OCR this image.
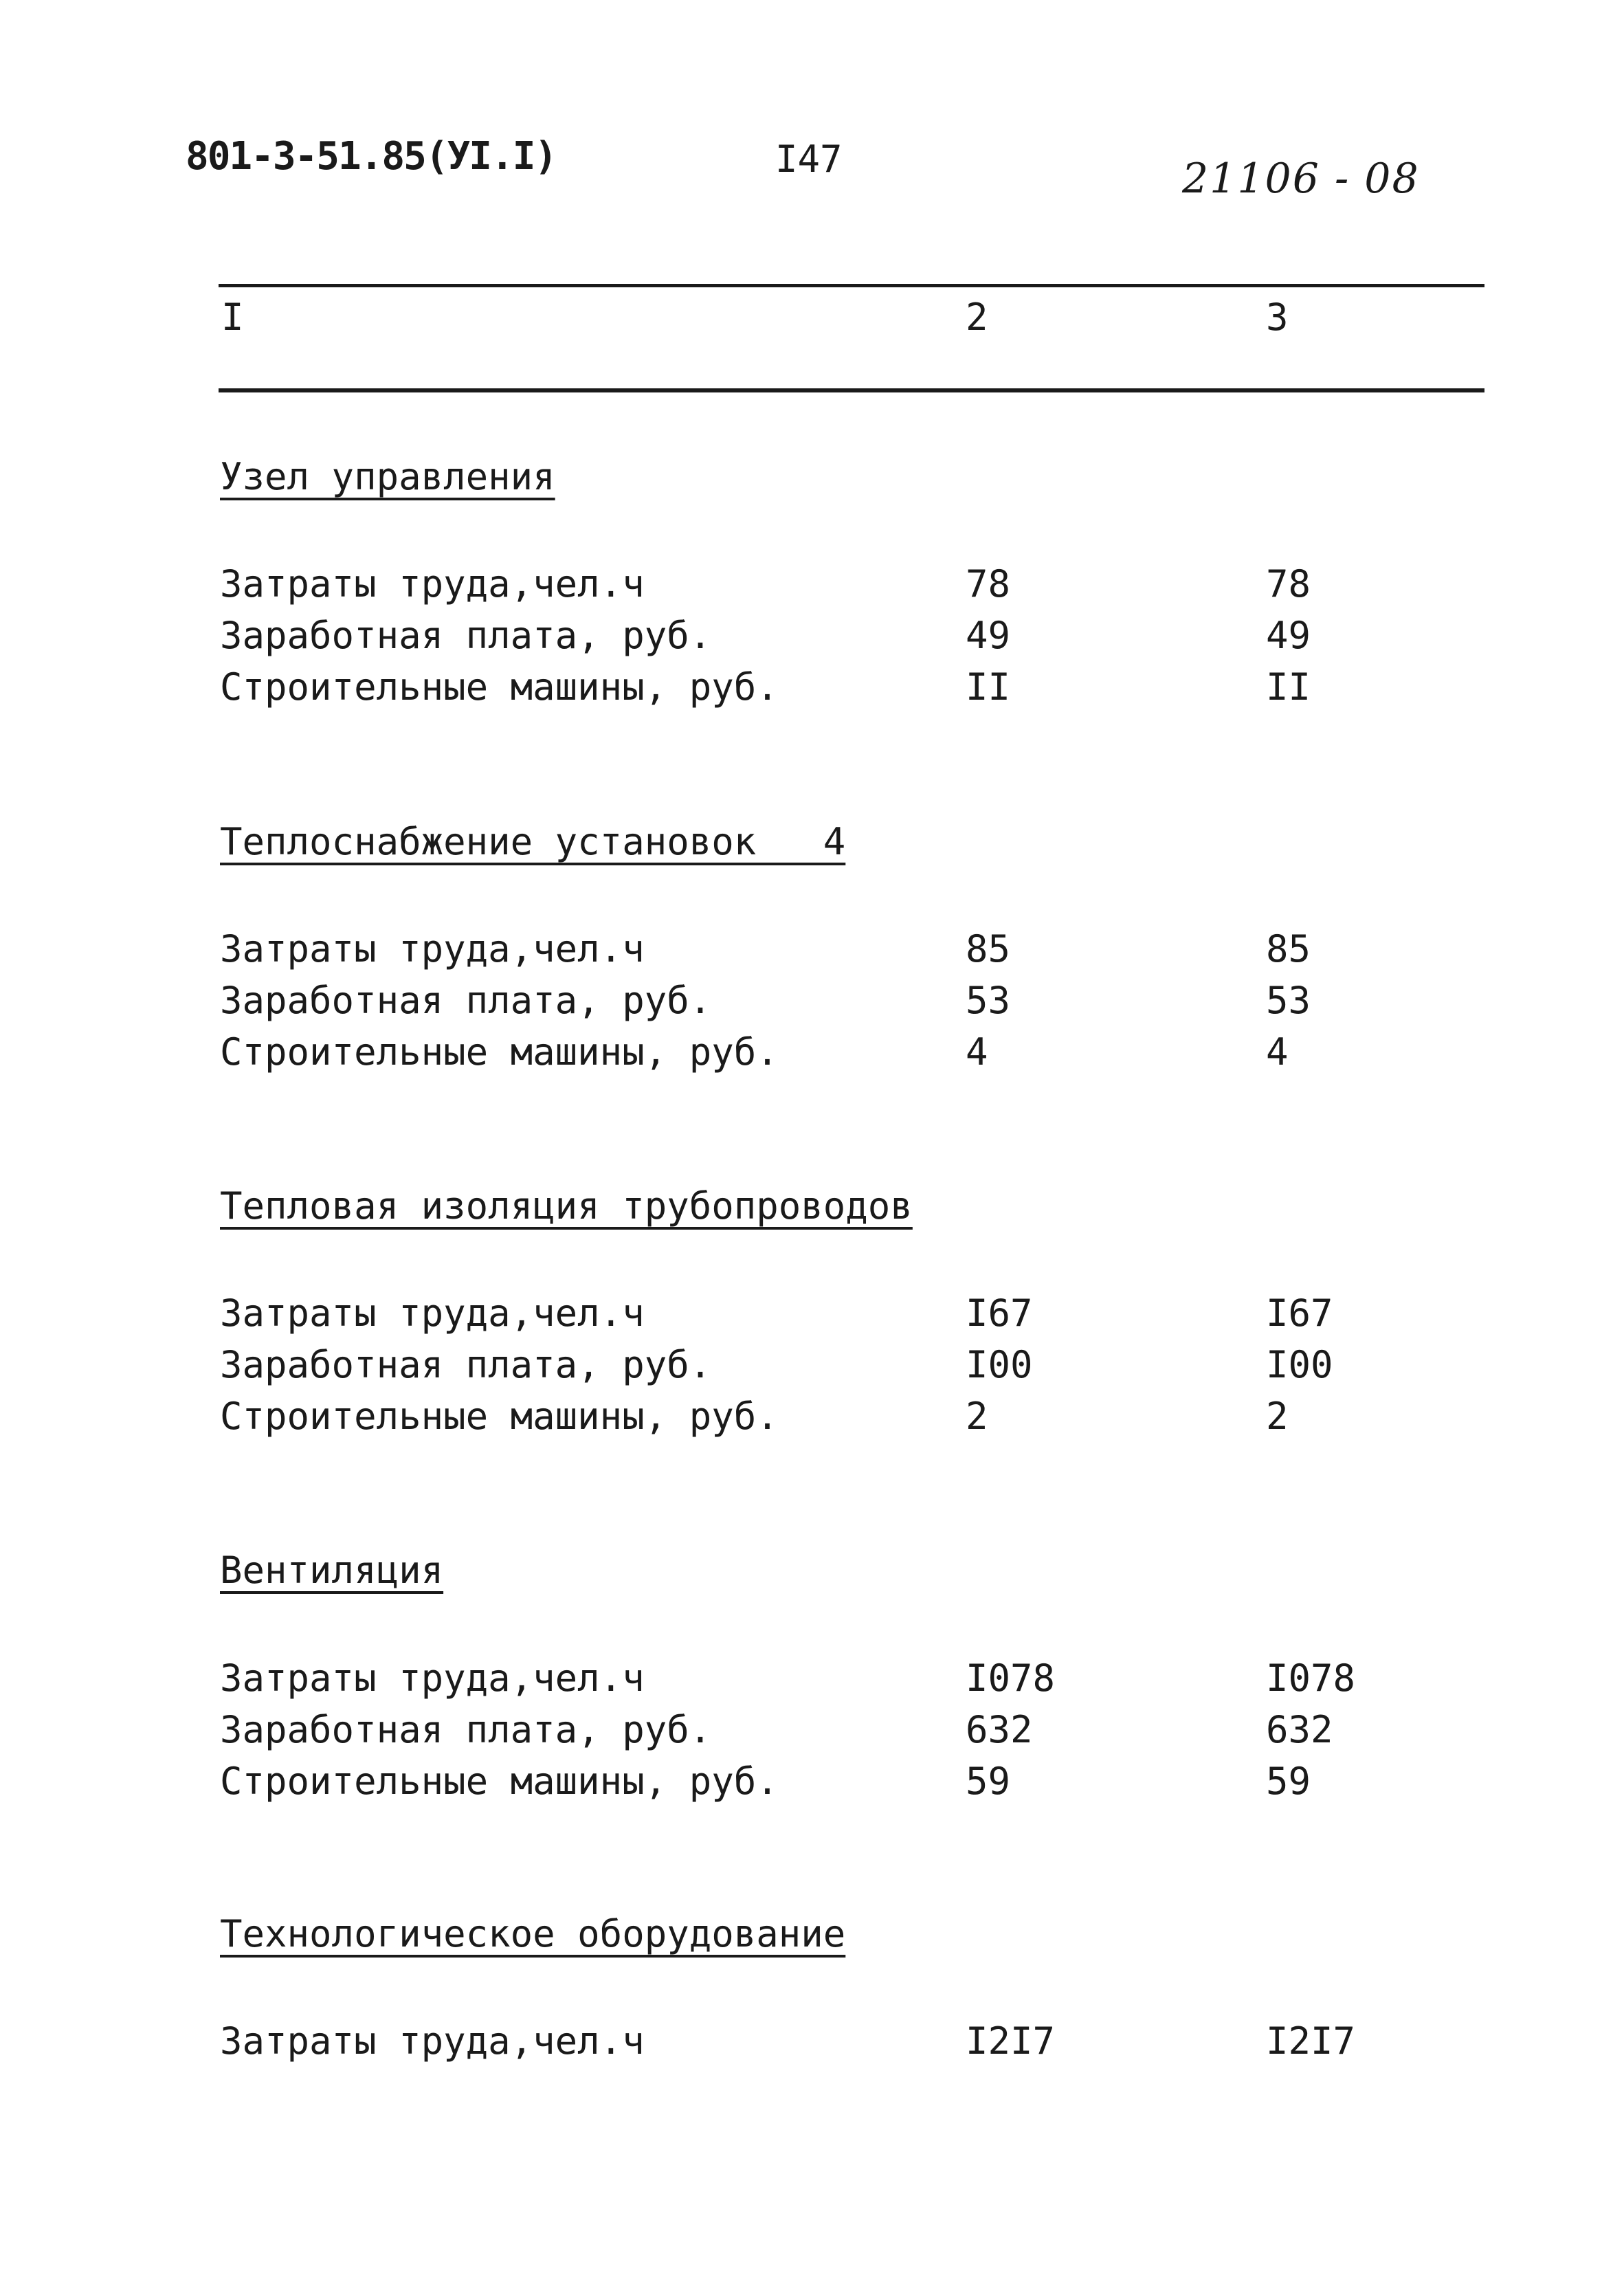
801-3-51.85(УI.I)	I47	21106 - 08
I	2	3
Узел управления
Затраты труда,чел.ч	78	78
Заработная плата, руб.	49	49
Строительные машины, руб.	II	II
Теплоснабжение установок   4
Затраты труда,чел.ч	85	85
Заработная плата, руб.	53	53
Строительные машины, руб.	4	4
Тепловая изоляция трубопроводов
Затраты труда,чел.ч	I67	I67
Заработная плата, руб.	I00	I00
Строительные машины, руб.	2	2
Вентиляция
Затраты труда,чел.ч	I078	I078
Заработная плата, руб.	632	632
Строительные машины, руб.	59	59
Технологическое оборудование
Затраты труда,чел.ч	I2I7	I2I7
